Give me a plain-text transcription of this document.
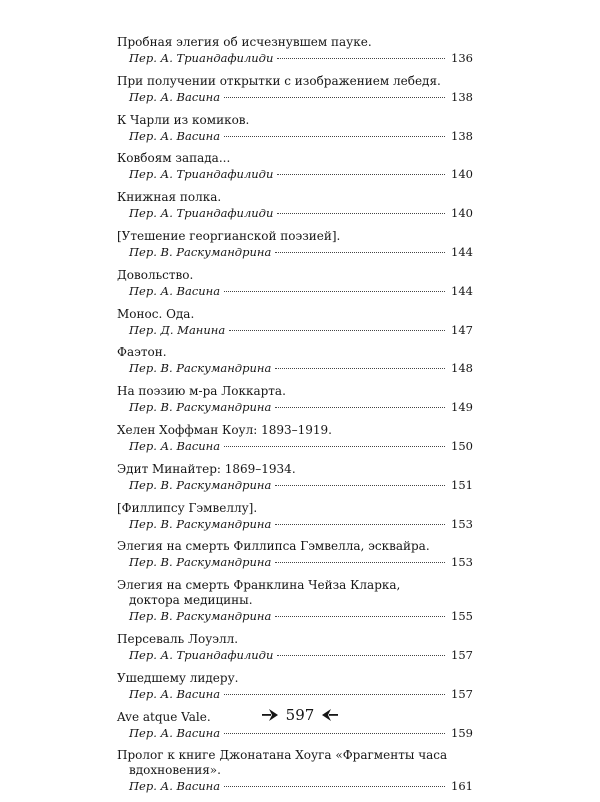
Пробная элегия об исчезнувшем пауке.
Пер. А. Триандафилиди	136
При получении открытки с изображением лебедя.
Пер. А. Васина	138
К Чарли из комиков.
Пер. А. Васина	138
Ковбоям запада...
Пер. А. Триандафилиди	140
Книжная полка.
Пер. А. Триандафилиди	140
[Утешение георгианской поэзией].
Пер. В. Раскумандрина	144
Довольство.
Пер. А. Васина	144
Монос. Ода.
Пер. Д. Манина	147
Фаэтон.
Пер. В. Раскумандрина	148
На поэзию м-ра Локкарта.
Пер. В. Раскумандрина	149
Хелен Хоффман Коул: 1893–1919.
Пер. А. Васина	150
Эдит Минайтер: 1869–1934.
Пер. В. Раскумандрина	151
[Филлипсу Гэмвеллу].
Пер. В. Раскумандрина	153
Элегия на смерть Филлипса Гэмвелла, эсквайра.
Пер. В. Раскумандрина	153
Элегия на смерть Франклина Чейза Кларка,
доктора медицины.
Пер. В. Раскумандрина	155
Персеваль Лоуэлл.
Пер. А. Триандафилиди	157
Ушедшему лидеру.
Пер. А. Васина	157
Ave atque Vale.
Пер. А. Васина	159
Пролог к книге Джонатана Хоуга «Фрагменты часа
вдохновения».
Пер. А. Васина	161
597
